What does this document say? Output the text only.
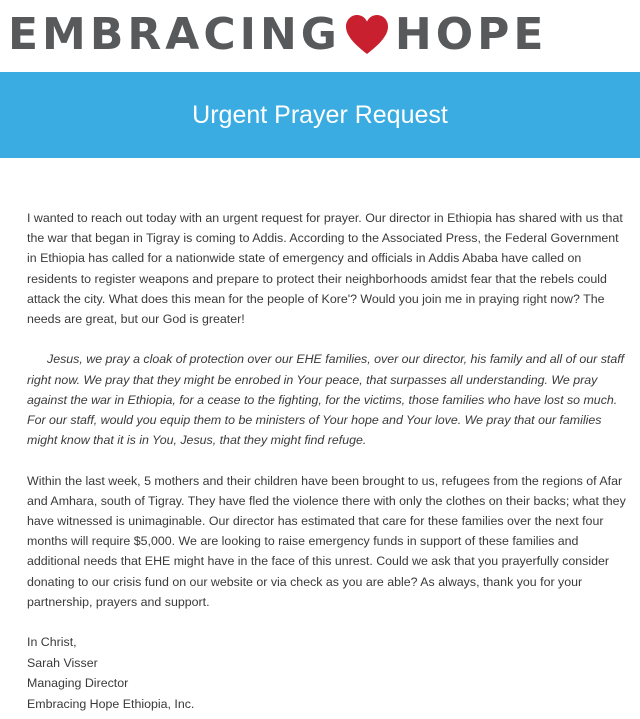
EMBRACING HOPE
Urgent Prayer Request

I wanted to reach out today with an urgent request for prayer. Our director in Ethiopia has shared with us that the war that began in Tigray is coming to Addis. According to the Associated Press, the Federal Government in Ethiopia has called for a nationwide state of emergency and officials in Addis Ababa have called on residents to register weapons and prepare to protect their neighborhoods amidst fear that the rebels could attack the city. What does this mean for the people of Kore'? Would you join me in praying right now? The needs are great, but our God is greater!

Jesus, we pray a cloak of protection over our EHE families, over our director, his family and all of our staff right now. We pray that they might be enrobed in Your peace, that surpasses all understanding. We pray against the war in Ethiopia, for a cease to the fighting, for the victims, those families who have lost so much. For our staff, would you equip them to be ministers of Your hope and Your love. We pray that our families might know that it is in You, Jesus, that they might find refuge.

Within the last week, 5 mothers and their children have been brought to us, refugees from the regions of Afar and Amhara, south of Tigray. They have fled the violence there with only the clothes on their backs; what they have witnessed is unimaginable. Our director has estimated that care for these families over the next four months will require $5,000. We are looking to raise emergency funds in support of these families and additional needs that EHE might have in the face of this unrest. Could we ask that you prayerfully consider donating to our crisis fund on our website or via check as you are able? As always, thank you for your partnership, prayers and support.

In Christ,
Sarah Visser
Managing Director
Embracing Hope Ethiopia, Inc.
